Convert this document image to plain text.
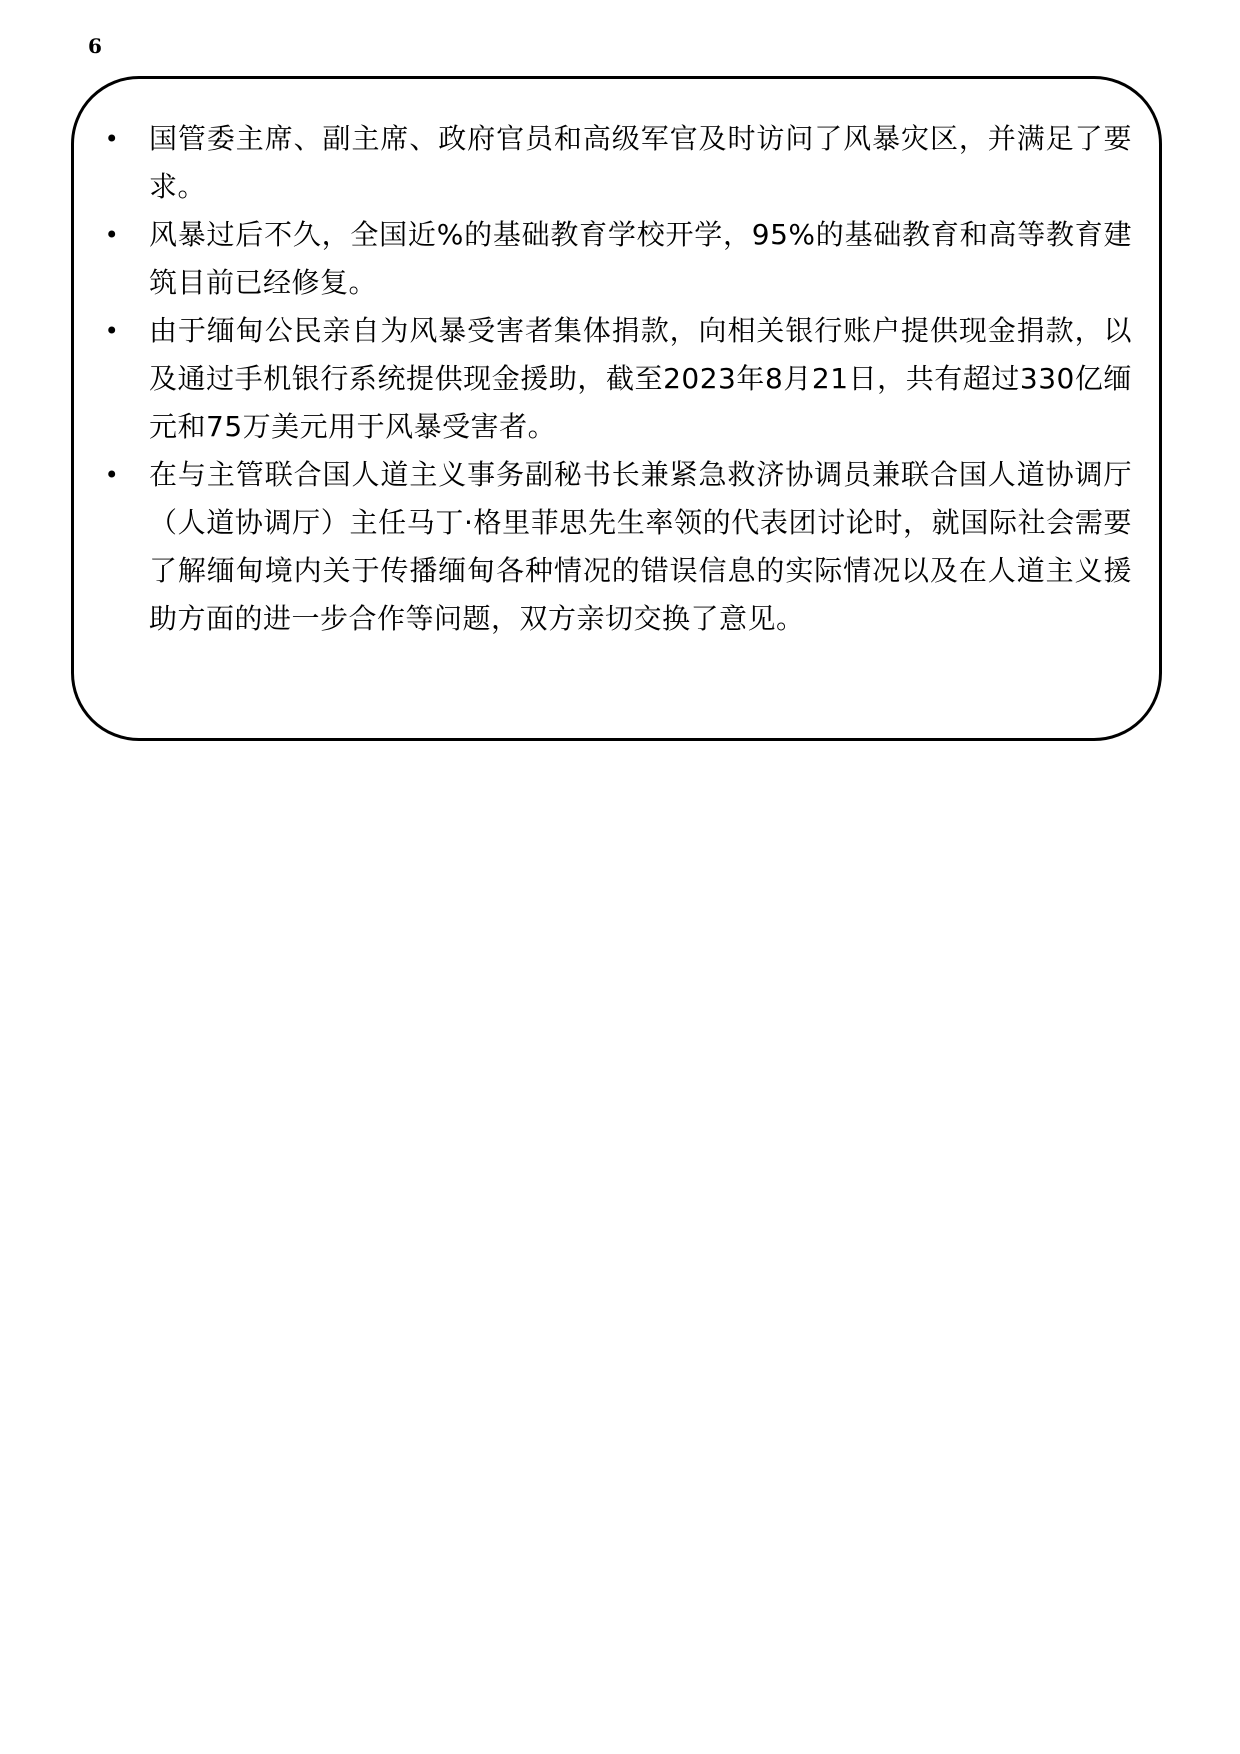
6
• 国管委主席、副主席、政府官员和高级军官及时访问了风暴灾区，并满足了要求。
• 风暴过后不久，全国近%的基础教育学校开学，95%的基础教育和高等教育建筑目前已经修复。
• 由于缅甸公民亲自为风暴受害者集体捐款，向相关银行账户提供现金捐款，以及通过手机银行系统提供现金援助，截至2023年8月21日，共有超过330亿缅元和75万美元用于风暴受害者。
• 在与主管联合国人道主义事务副秘书长兼紧急救济协调员兼联合国人道协调厅（人道协调厅）主任马丁·格里菲思先生率领的代表团讨论时，就国际社会需要了解缅甸境内关于传播缅甸各种情况的错误信息的实际情况以及在人道主义援助方面的进一步合作等问题，双方亲切交换了意见。
